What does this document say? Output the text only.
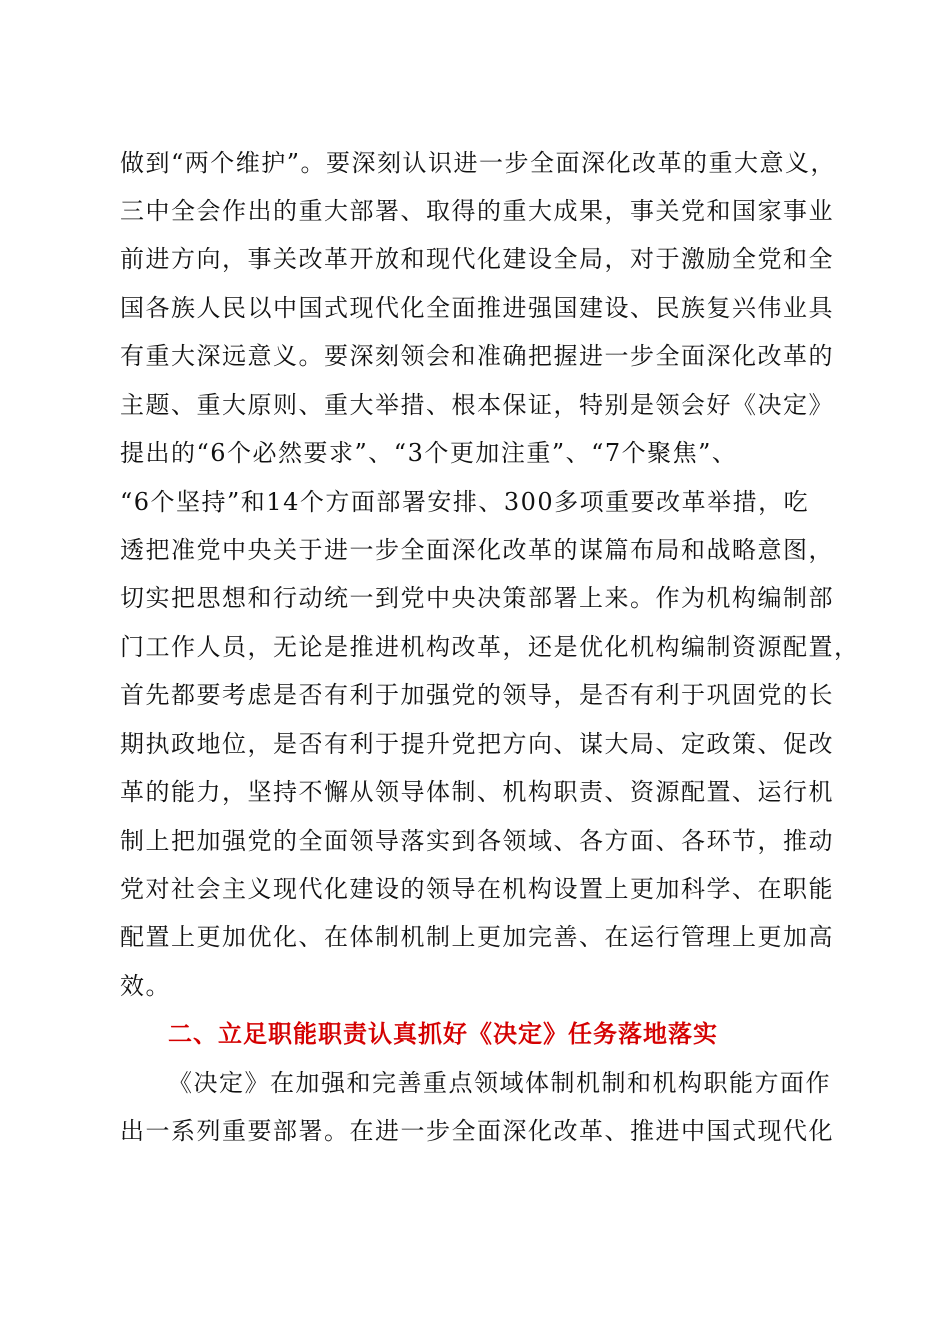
做到“两个维护”。要深刻认识进一步全面深化改革的重大意义，
三中全会作出的重大部署、取得的重大成果，事关党和国家事业
前进方向，事关改革开放和现代化建设全局，对于激励全党和全
国各族人民以中国式现代化全面推进强国建设、民族复兴伟业具
有重大深远意义。要深刻领会和准确把握进一步全面深化改革的
主题、重大原则、重大举措、根本保证，特别是领会好《决定》
提出的“6个必然要求”、“3个更加注重”、“7个聚焦”、
“6个坚持”和14个方面部署安排、300多项重要改革举措，吃
透把准党中央关于进一步全面深化改革的谋篇布局和战略意图，
切实把思想和行动统一到党中央决策部署上来。作为机构编制部
门工作人员，无论是推进机构改革，还是优化机构编制资源配置，
首先都要考虑是否有利于加强党的领导，是否有利于巩固党的长
期执政地位，是否有利于提升党把方向、谋大局、定政策、促改
革的能力，坚持不懈从领导体制、机构职责、资源配置、运行机
制上把加强党的全面领导落实到各领域、各方面、各环节，推动
党对社会主义现代化建设的领导在机构设置上更加科学、在职能
配置上更加优化、在体制机制上更加完善、在运行管理上更加高
效。
二、立足职能职责认真抓好《决定》任务落地落实
《决定》在加强和完善重点领域体制机制和机构职能方面作
出一系列重要部署。在进一步全面深化改革、推进中国式现代化
